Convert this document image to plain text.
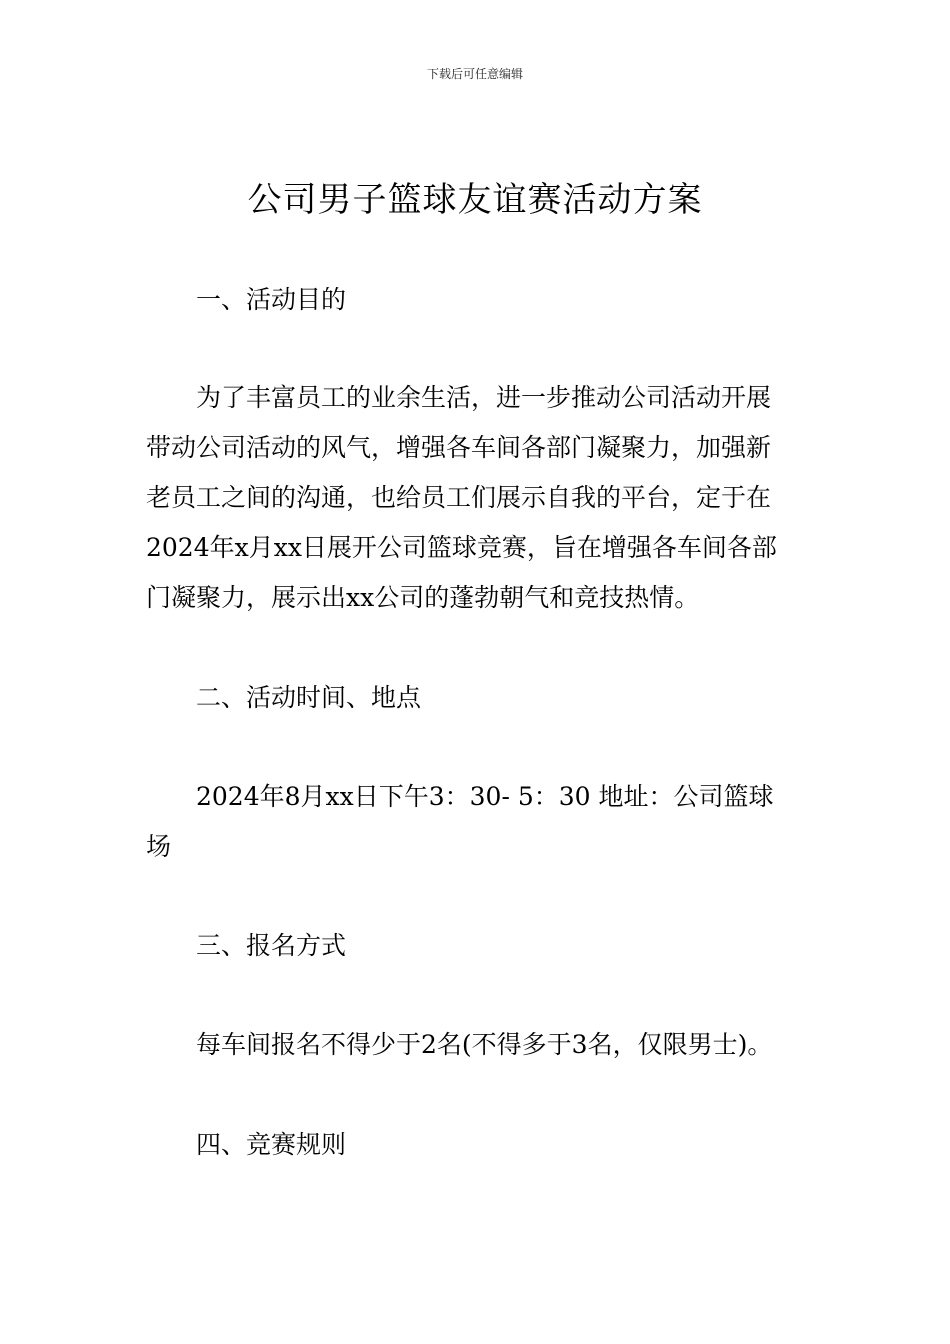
下载后可任意编辑
公司男子篮球友谊赛活动方案
一、活动目的
为了丰富员工的业余生活，进一步推动公司活动开展
带动公司活动的风气，增强各车间各部门凝聚力，加强新
老员工之间的沟通，也给员工们展示自我的平台，定于在
2024年x月xx日展开公司篮球竞赛，旨在增强各车间各部
门凝聚力，展示出xx公司的蓬勃朝气和竞技热情。
二、活动时间、地点
2024年8月xx日下午3：30- 5：30 地址：公司篮球
场
三、报名方式
每车间报名不得少于2名(不得多于3名，仅限男士)。
四、竞赛规则
